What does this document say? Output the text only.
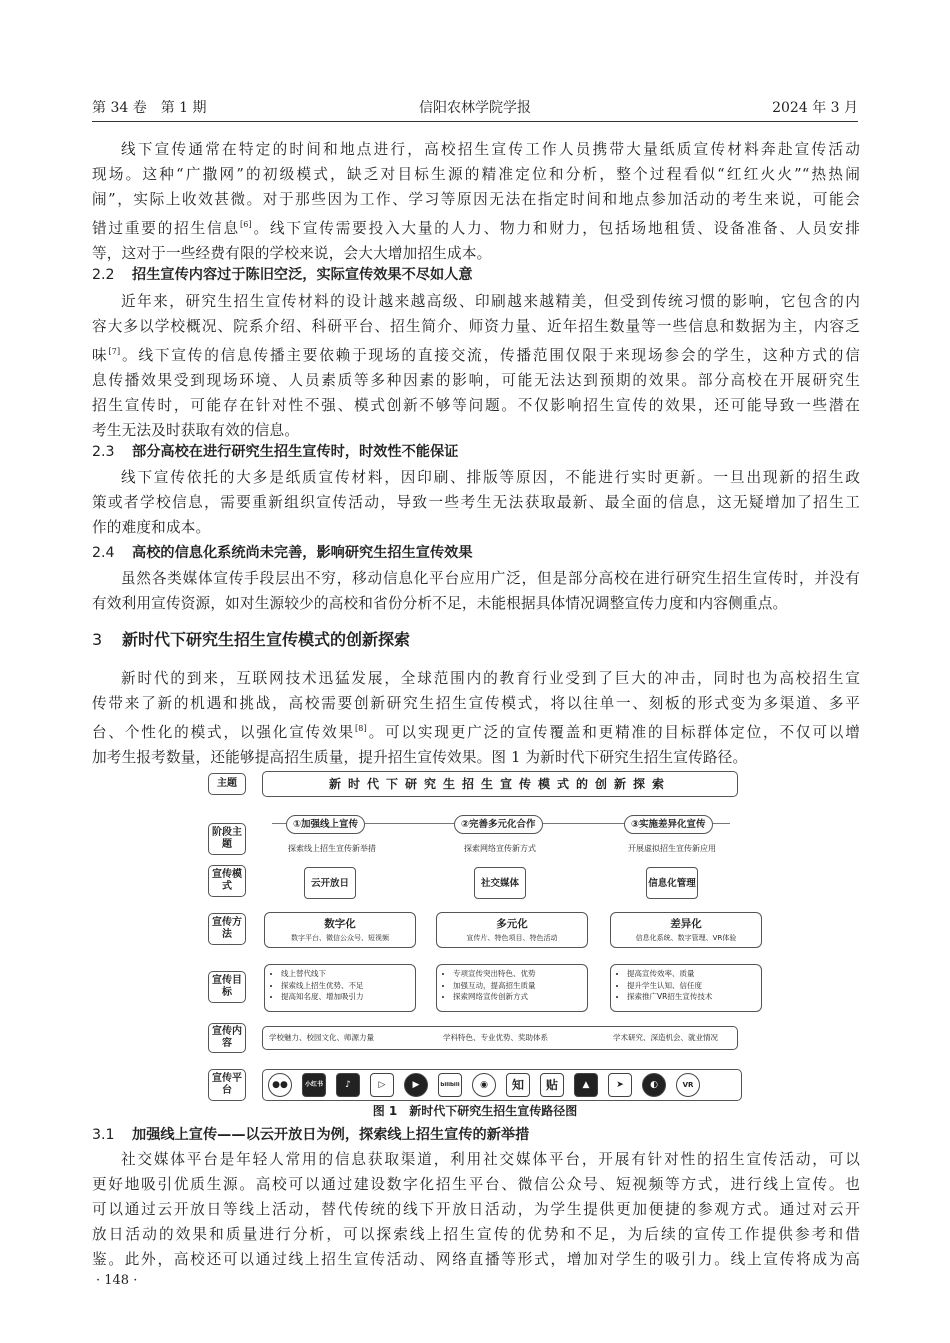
第 34 卷　第 1 期	信阳农林学院学报	2024 年 3 月
线下宣传通常在特定的时间和地点进行，高校招生宣传工作人员携带大量纸质宣传材料奔赴宣传活动
现场。这种“广撒网”的初级模式，缺乏对目标生源的精准定位和分析，整个过程看似“红红火火”“热热闹
闹”，实际上收效甚微。对于那些因为工作、学习等原因无法在指定时间和地点参加活动的考生来说，可能会
错过重要的招生信息[6]。线下宣传需要投入大量的人力、物力和财力，包括场地租赁、设备准备、人员安排
等，这对于一些经费有限的学校来说，会大大增加招生成本。
2.2 招生宣传内容过于陈旧空泛，实际宣传效果不尽如人意
近年来，研究生招生宣传材料的设计越来越高级、印刷越来越精美，但受到传统习惯的影响，它包含的内
容大多以学校概况、院系介绍、科研平台、招生简介、师资力量、近年招生数量等一些信息和数据为主，内容乏
味[7]。线下宣传的信息传播主要依赖于现场的直接交流，传播范围仅限于来现场参会的学生，这种方式的信
息传播效果受到现场环境、人员素质等多种因素的影响，可能无法达到预期的效果。部分高校在开展研究生
招生宣传时，可能存在针对性不强、模式创新不够等问题。不仅影响招生宣传的效果，还可能导致一些潜在
考生无法及时获取有效的信息。
2.3 部分高校在进行研究生招生宣传时，时效性不能保证
线下宣传依托的大多是纸质宣传材料，因印刷、排版等原因，不能进行实时更新。一旦出现新的招生政
策或者学校信息，需要重新组织宣传活动，导致一些考生无法获取最新、最全面的信息，这无疑增加了招生工
作的难度和成本。
2.4 高校的信息化系统尚未完善，影响研究生招生宣传效果
虽然各类媒体宣传手段层出不穷，移动信息化平台应用广泛，但是部分高校在进行研究生招生宣传时，并没有
有效利用宣传资源，如对生源较少的高校和省份分析不足，未能根据具体情况调整宣传力度和内容侧重点。
3 新时代下研究生招生宣传模式的创新探索
新时代的到来，互联网技术迅猛发展，全球范围内的教育行业受到了巨大的冲击，同时也为高校招生宣
传带来了新的机遇和挑战，高校需要创新研究生招生宣传模式，将以往单一、刻板的形式变为多渠道、多平
台、个性化的模式，以强化宣传效果[8]。可以实现更广泛的宣传覆盖和更精准的目标群体定位，不仅可以增
加考生报考数量，还能够提高招生质量，提升招生宣传效果。图 1 为新时代下研究生招生宣传路径。
主题	新时代下研究生招生宣传模式的创新探索
阶段主题
①加强线上宣传	②完善多元化合作	③实施差异化宣传
探索线上招生宣传新举措	探索网络宣传新方式	开展虚拟招生宣传新应用
宣传模式	云开放日	社交媒体	信息化管理
宣传方法
数字化
数字平台、微信公众号、短视频
多元化
宣传片、特色项目、特色活动
差异化
信息化系统、数字管理、VR体验
宣传目标
• 线上替代线下
• 探索线上招生优势、不足
• 提高知名度、增加吸引力
• 专项宣传突出特色、优势
• 加强互动，提高招生质量
• 探索网络宣传创新方式
• 提高宣传效率、质量
• 提升学生认知、信任度
• 探索推广VR招生宣传技术
宣传内容
学校魅力、校园文化、师源力量	学科特色、专业优势、奖助体系	学术研究、深造机会、就业情况
宣传平台	●●	小红书	♪	▷	▶	bilibili	◉	知	贴	▲	➤	◐	VR
图 1　新时代下研究生招生宣传路径图
3.1 加强线上宣传——以云开放日为例，探索线上招生宣传的新举措
社交媒体平台是年轻人常用的信息获取渠道，利用社交媒体平台，开展有针对性的招生宣传活动，可以
更好地吸引优质生源。高校可以通过建设数字化招生平台、微信公众号、短视频等方式，进行线上宣传。也
可以通过云开放日等线上活动，替代传统的线下开放日活动，为学生提供更加便捷的参观方式。通过对云开
放日活动的效果和质量进行分析，可以探索线上招生宣传的优势和不足，为后续的宣传工作提供参考和借
鉴。此外，高校还可以通过线上招生宣传活动、网络直播等形式，增加对学生的吸引力。线上宣传将成为高
· 148 ·
